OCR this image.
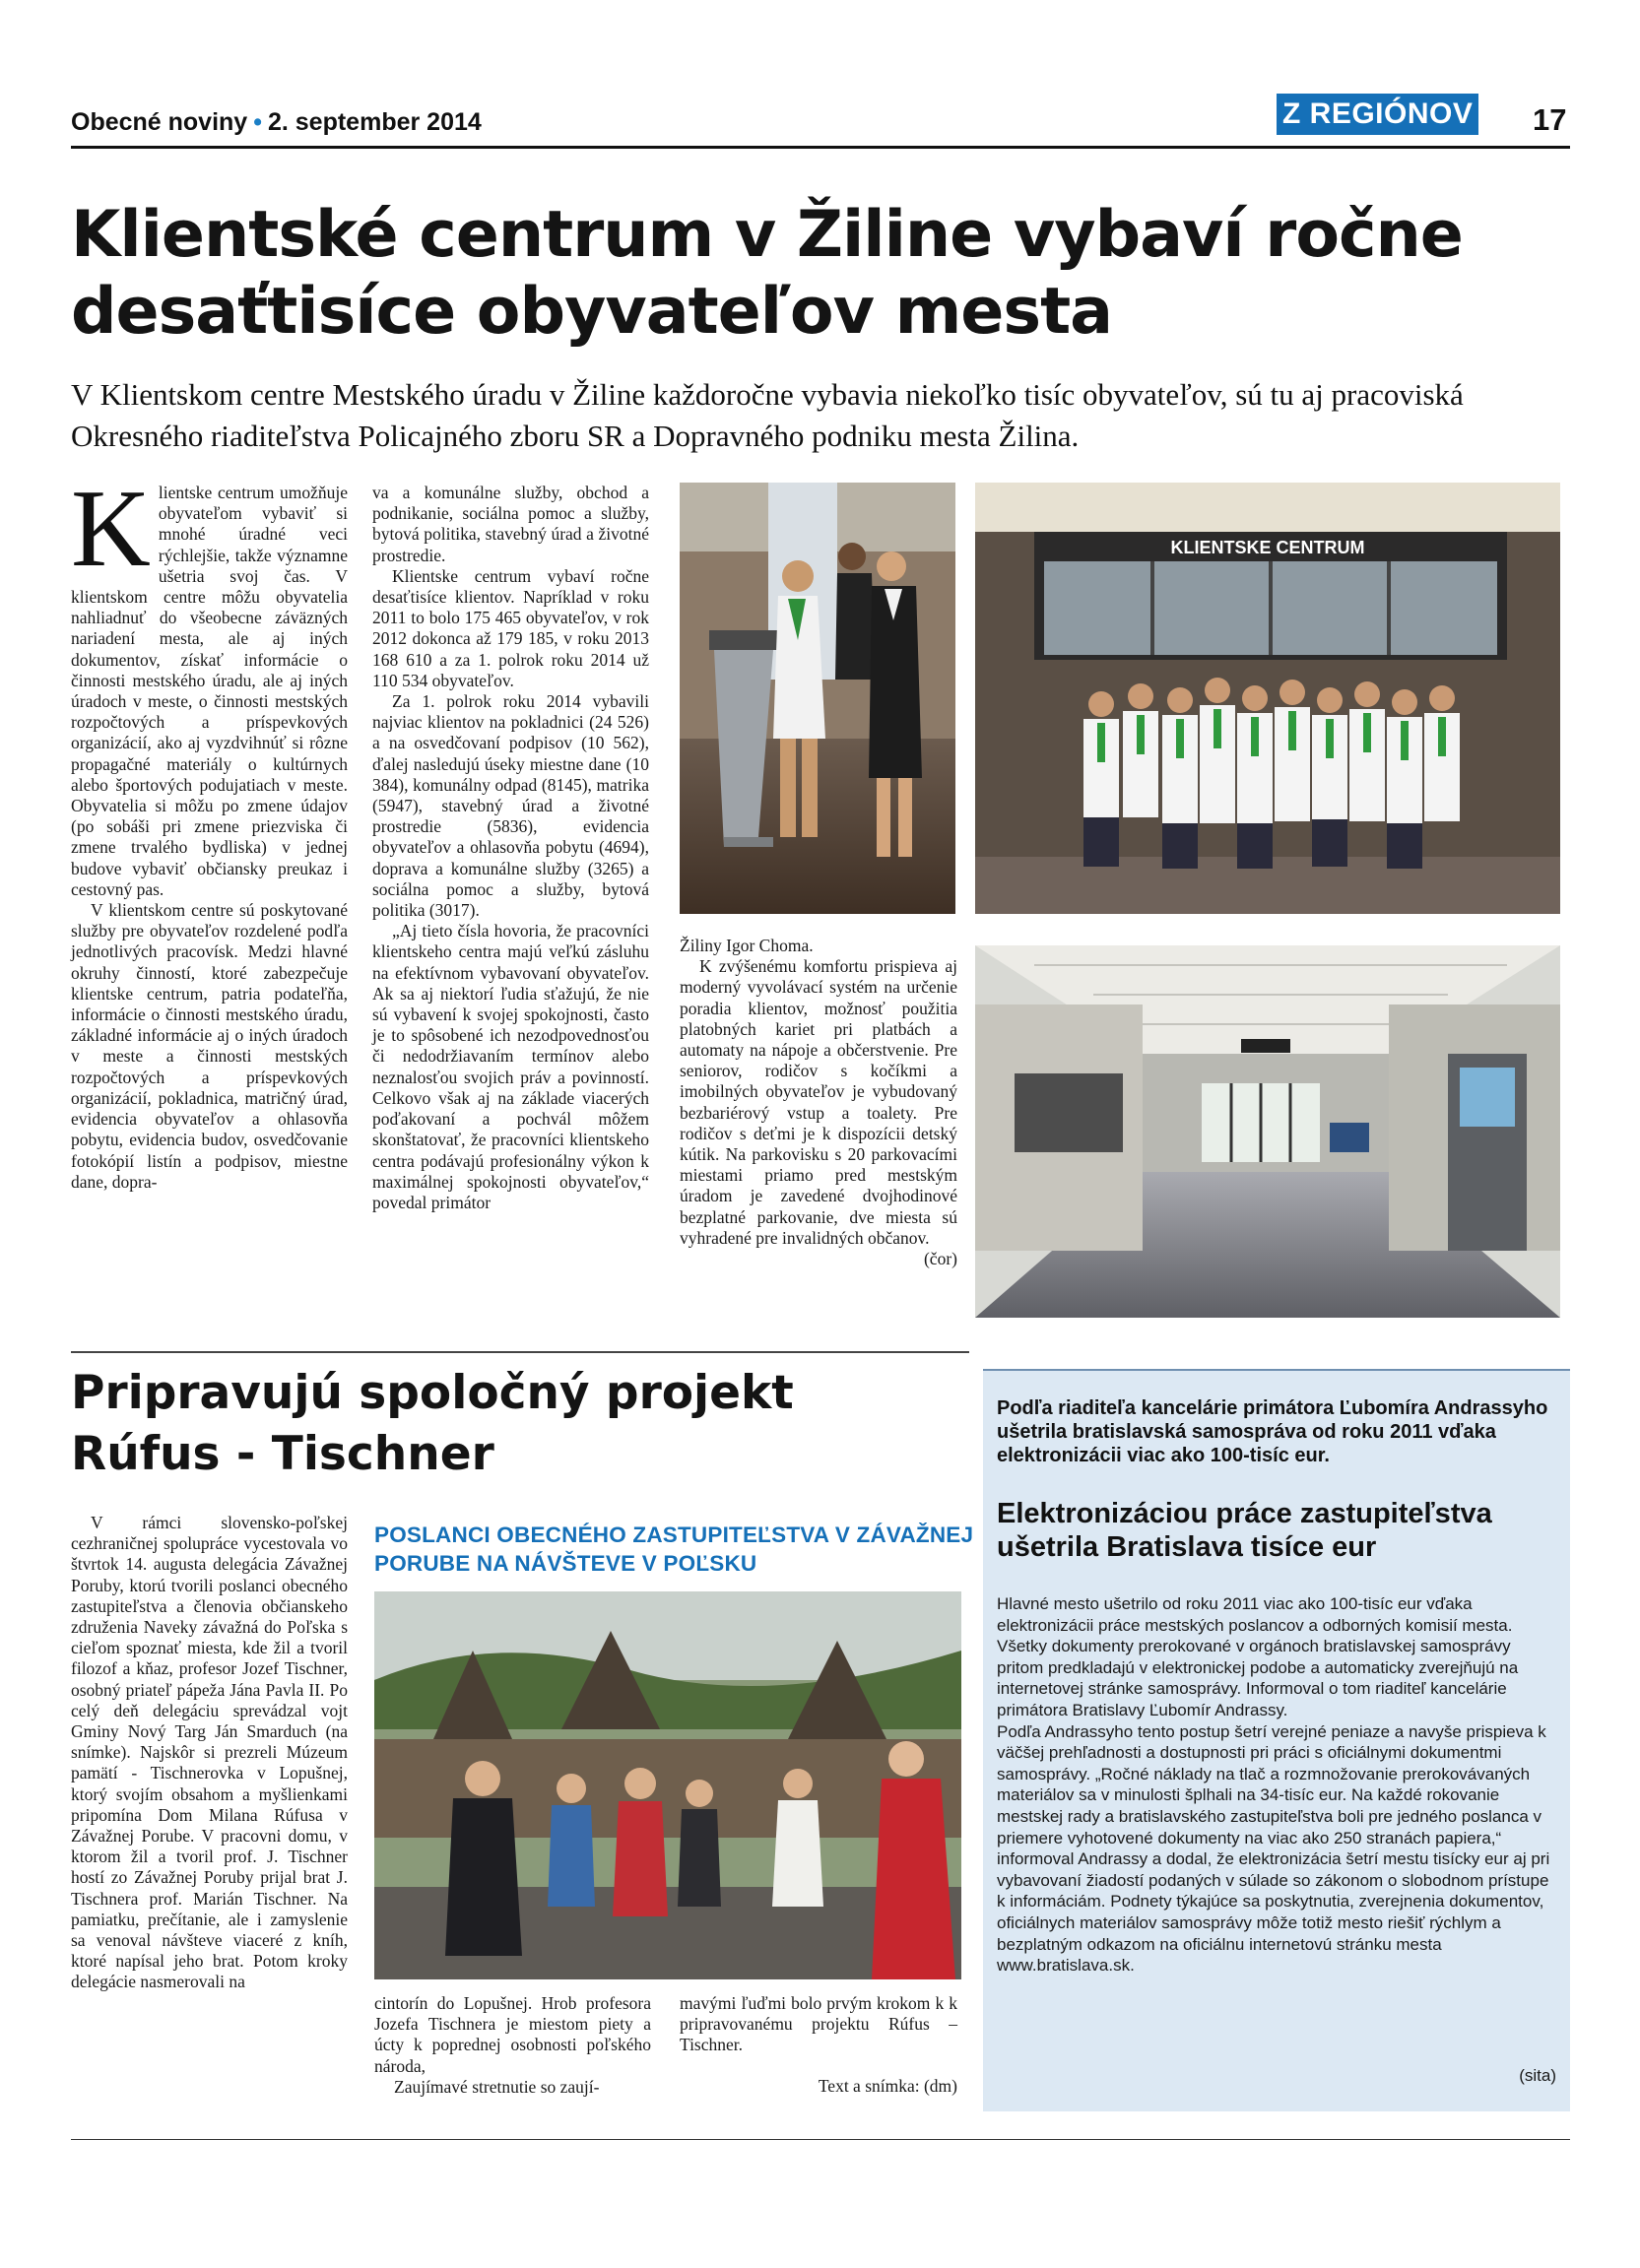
Obecné noviny • 2. september 2014	Z REGIÓNOV 17
Klientské centrum v Žiline vybaví ročne desaťtisíce obyvateľov mesta
V Klientskom centre Mestského úradu v Žiline každoročne vybavia niekoľko tisíc obyvateľov, sú tu aj pracoviská Okresného riaditeľstva Policajného zboru SR a Dopravného podniku mesta Žilina.

Klientske centrum umožňuje obyvateľom vybaviť si mnohé úradné veci rýchlejšie, takže významne ušetria svoj čas. V klientskom centre môžu obyvatelia nahliadnuť do všeobecne záväzných nariadení mesta, ale aj iných dokumentov, získať informácie o činnosti mestského úradu, ale aj iných úradoch v meste, o činnosti mestských rozpočtových a príspevkových organizácií, ako aj vyzdvihnúť si rôzne propagačné materiály o kultúrnych alebo športových podujatiach v meste. Obyvatelia si môžu po zmene údajov (po sobáši pri zmene priezviska či zmene trvalého bydliska) v jednej budove vybaviť občiansky preukaz i cestovný pas.

V klientskom centre sú poskytované služby pre obyvateľov rozdelené podľa jednotlivých pracovísk. Medzi hlavné okruhy činností, ktoré zabezpečuje klientske centrum, patria podateľňa, informácie o činnosti mestského úradu, základné informácie aj o iných úradoch v meste a činnosti mestských rozpočtových a príspevkových organizácií, pokladnica, matričný úrad, evidencia obyvateľov a ohlasovňa pobytu, evidencia budov, osvedčovanie fotokópií listín a podpisov, miestne dane, dopra-

va a komunálne služby, obchod a podnikanie, sociálna pomoc a služby, bytová politika, stavebný úrad a životné prostredie.

Klientske centrum vybaví ročne desaťtisíce klientov. Napríklad v roku 2011 to bolo 175 465 obyvateľov, v rok 2012 dokonca až 179 185, v roku 2013 168 610 a za 1. polrok roku 2014 už 110 534 obyvateľov.

Za 1. polrok roku 2014 vybavili najviac klientov na pokladnici (24 526) a na osvedčovaní podpisov (10 562), ďalej nasledujú úseky miestne dane (10 384), komunálny odpad (8145), matrika (5947), stavebný úrad a životné prostredie (5836), evidencia obyvateľov a ohlasovňa pobytu (4694), doprava a komunálne služby (3265) a sociálna pomoc a služby, bytová politika (3017).

„Aj tieto čísla hovoria, že pracovníci klientskeho centra majú veľkú zásluhu na efektívnom vybavovaní obyvateľov. Ak sa aj niektorí ľudia sťažujú, že nie sú vybavení k svojej spokojnosti, často je to spôsobené ich nezodpovednosťou či nedodržiavaním termínov alebo neznalosťou svojich práv a povinností. Celkovo však aj na základe viacerých poďakovaní a pochvál môžem skonštatovať, že pracovníci klientskeho centra podávajú profesionálny výkon k maximálnej spokojnosti obyvateľov,“ povedal primátor

Žiliny Igor Choma.

K zvýšenému komfortu prispieva aj moderný vyvolávací systém na určenie poradia klientov, možnosť použitia platobných kariet pri platbách a automaty na nápoje a občerstvenie. Pre seniorov, rodičov s kočíkmi a imobilných obyvateľov je vybudovaný bezbariérový vstup a toalety. Pre rodičov s deťmi je k dispozícii detský kútik. Na parkovisku s 20 parkovacími miestami priamo pred mestským úradom je zavedené dvojhodinové bezplatné parkovanie, dve miesta sú vyhradené pre invalidných občanov.

(čor)

KLIENTSKE CENTRUM
Pripravujú spoločný projekt Rúfus - Tischner

V rámci slovensko-poľskej cezhraničnej spolupráce vycestovala vo štvrtok 14. augusta delegácia Závažnej Poruby, ktorú tvorili poslanci obecného zastupiteľstva a členovia občianskeho združenia Naveky závažná do Poľska s cieľom spoznať miesta, kde žil a tvoril filozof a kňaz, profesor Jozef Tischner, osobný priateľ pápeža Jána Pavla II. Po celý deň delegáciu sprevádzal vojt Gminy Nový Targ Ján Smarduch (na snímke). Najskôr si prezreli Múzeum pamätí - Tischnerovka v Lopušnej, ktorý svojím obsahom a myšlienkami pripomína Dom Milana Rúfusa v Závažnej Porube. V pracovni domu, v ktorom žil a tvoril prof. J. Tischner hostí zo Závažnej Poruby prijal brat J. Tischnera prof. Marián Tischner. Na pamiatku, prečítanie, ale i zamyslenie sa venoval návšteve viaceré z kníh, ktoré napísal jeho brat. Potom kroky delegácie nasmerovali na

POSLANCI OBECNÉHO ZASTUPITEĽSTVA V ZÁVAŽNEJ PORUBE NA NÁVŠTEVE V POĽSKU

cintorín do Lopušnej. Hrob profesora Jozefa Tischnera je miestom piety a úcty k poprednej osobnosti poľského národa,

Zaujímavé stretnutie so zaují-

mavými ľuďmi bolo prvým krokom k k pripravovanému projektu Rúfus – Tischner.

Text a snímka: (dm)

Podľa riaditeľa kancelárie primátora Ľubomíra Andrassyho ušetrila bratislavská samospráva od roku 2011 vďaka elektronizácii viac ako 100-tisíc eur.
Elektronizáciou práce zastupiteľstva ušetrila Bratislava tisíce eur

Hlavné mesto ušetrilo od roku 2011 viac ako 100-tisíc eur vďaka elektronizácii práce mestských poslancov a odborných komisií mesta. Všetky dokumenty prerokované v orgánoch bratislavskej samosprávy pritom predkladajú v elektronickej podobe a automaticky zverejňujú na internetovej stránke samosprávy. Informoval o tom riaditeľ kancelárie primátora Bratislavy Ľubomír Andrassy.

Podľa Andrassyho tento postup šetrí verejné peniaze a navyše prispieva k väčšej prehľadnosti a dostupnosti pri práci s oficiálnymi dokumentmi samosprávy. „Ročné náklady na tlač a rozmnožovanie prerokovávaných materiálov sa v minulosti šplhali na 34-tisíc eur. Na každé rokovanie mestskej rady a bratislavského zastupiteľstva boli pre jedného poslanca v priemere vyhotovené dokumenty na viac ako 250 stranách papiera,“ informoval Andrassy a dodal, že elektronizácia šetrí mestu tisícky eur aj pri vybavovaní žiadostí podaných v súlade so zákonom o slobodnom prístupe k informáciám. Podnety týkajúce sa poskytnutia, zverejnenia dokumentov, oficiálnych materiálov samosprávy môže totiž mesto riešiť rýchlym a bezplatným odkazom na oficiálnu internetovú stránku mesta www.bratislava.sk.

(sita)
